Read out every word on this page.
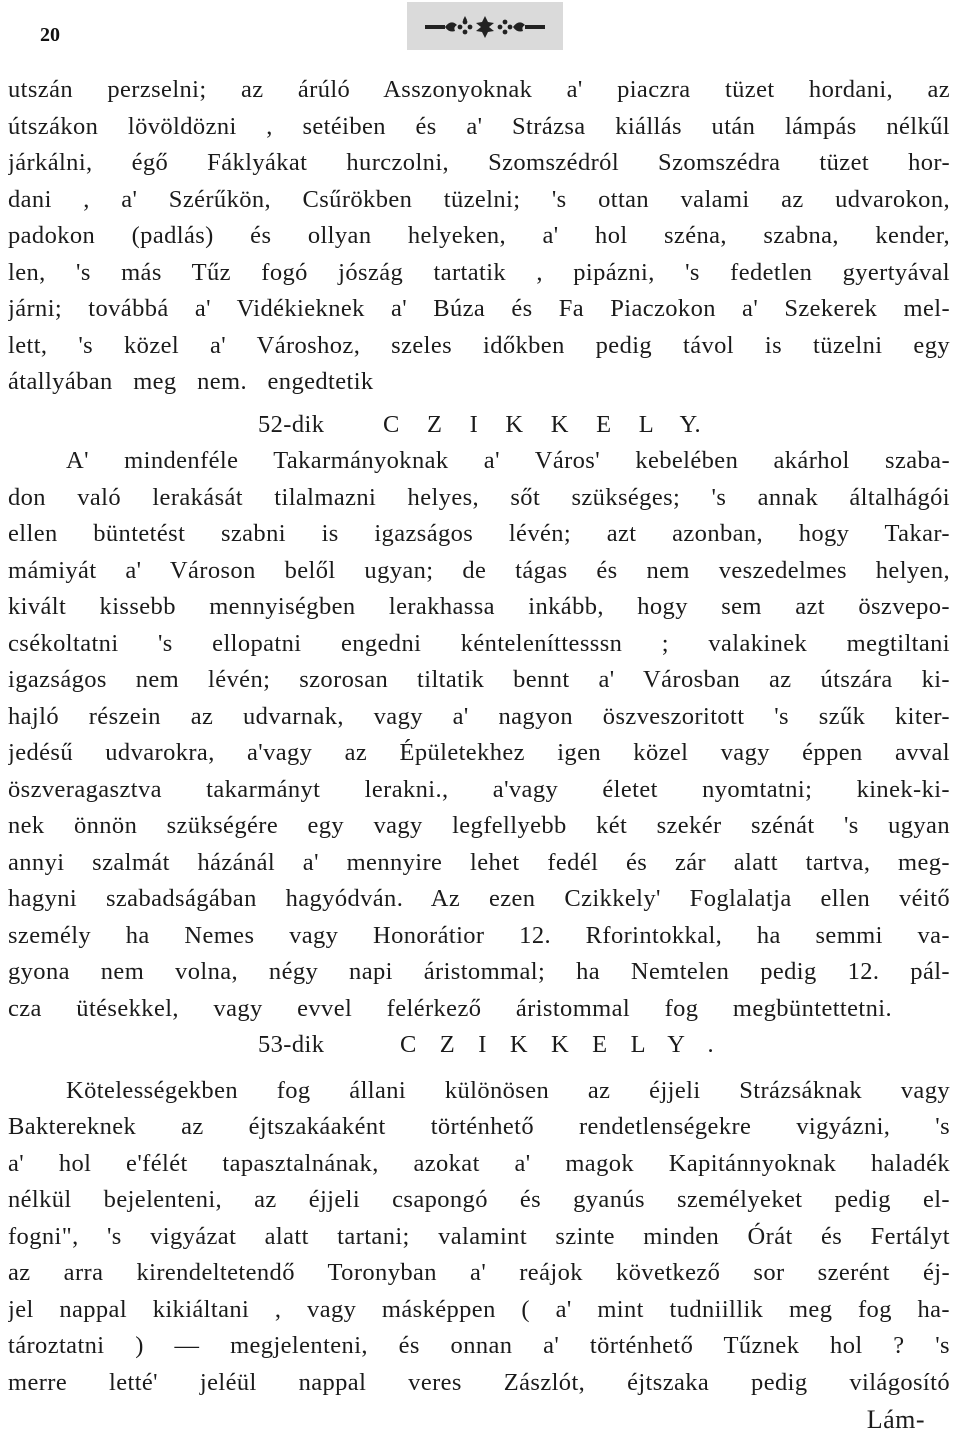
20
utszán perzselni; az árúló Asszonyoknak a' piaczra tüzet hordani, az
útszákon lövöldözni , setéiben és a' Strázsa kiállás után lámpás nélkűl
járkálni, égő Fáklyákat hurczolni, Szomszédról Szomszédra tüzet hor-
dani , a' Szérűkön, Csűrökben tüzelni; 's ottan valami az udvarokon,
padokon (padlás) és ollyan helyeken, a' hol széna, szabna, kender,
len, 's más Tűz fogó jószág tartatik , pipázni, 's fedetlen gyertyával
járni; továbbá a' Vidékieknek a' Búza és Fa Piaczokon a' Szekerek mel-
lett, 's közel a' Városhoz, szeles időkben pedig távol is tüzelni egy
átallyában meg nem. engedtetik
52-dik C Z I K K E L Y.
A' mindenféle Takarmányoknak a' Város' kebelében akárhol szaba-
don való lerakását tilalmazni helyes, sőt szükséges; 's annak általhágói
ellen büntetést szabni is igazságos lévén; azt azonban, hogy Takar-
mámiyát a' Városon belől ugyan; de tágas és nem veszedelmes helyen,
kivált kissebb mennyiségben lerakhassa inkább, hogy sem azt öszvepo-
csékoltatni 's ellopatni engedni kénteleníttesssn ; valakinek megtiltani
igazságos nem lévén; szorosan tiltatik bennt a' Városban az útszára ki-
hajló részein az udvarnak, vagy a' nagyon öszveszoritott 's szűk kiter-
jedésű udvarokra, a'vagy az Épületekhez igen közel vagy éppen avval
öszveragasztva takarmányt lerakni., a'vagy életet nyomtatni; kinek-ki-
nek önnön szükségére egy vagy legfellyebb két szekér szénát 's ugyan
annyi szalmát házánál a' mennyire lehet fedél és zár alatt tartva, meg-
hagyni szabadságában hagyódván. Az ezen Czikkely' Foglalatja ellen véitő
személy ha Nemes vagy Honorátior 12. Rforintokkal, ha semmi va-
gyona nem volna, négy napi áristommal; ha Nemtelen pedig 12. pál-
cza ütésekkel, vagy evvel felérkező áristommal fog megbüntettetni.
53-dik	C Z I K K E L Y .
Kötelességekben fog állani különösen az éjjeli Strázsáknak vagy
Baktereknek az éjtszakáaként történhető rendetlenségekre vigyázni, 's
a' hol e'félét tapasztalnának, azokat a' magok Kapitánnyoknak haladék
nélkül bejelenteni, az éjjeli csapongó és gyanús személyeket pedig el-
fogni", 's vigyázat alatt tartani; valamint szinte minden Órát és Fertályt
az arra kirendeltetendő Toronyban a' reájok következő sor szerént éj-
jel nappal kikiáltani , vagy másképpen ( a' mint tudniillik meg fog ha-
tároztatni ) — megjelenteni, és onnan a' történhető Tűznek hol ? 's
merre letté' jeléül nappal veres Zászlót, éjtszaka pedig világosító
Lám-
